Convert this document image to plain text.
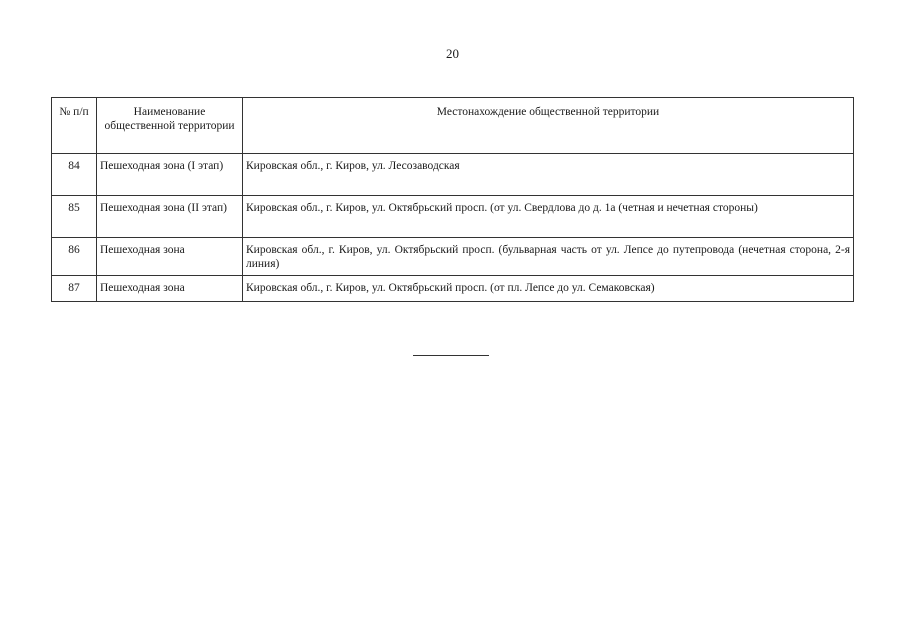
20
№ п/п	Наименование общественной территории	Местонахождение общественной территории
84	Пешеходная зона (I этап)	Кировская обл., г. Киров, ул. Лесозаводская
85	Пешеходная зона (II этап)	Кировская обл., г. Киров, ул. Октябрьский просп. (от ул. Свердлова до д. 1а (четная и нечетная стороны)
86	Пешеходная зона	Кировская обл., г. Киров, ул. Октябрьский просп. (бульварная часть от ул. Лепсе до путепровода (нечетная сторона, 2-я линия)
87	Пешеходная зона	Кировская обл., г. Киров, ул. Октябрьский просп. (от пл. Лепсе до ул. Семаковская)
